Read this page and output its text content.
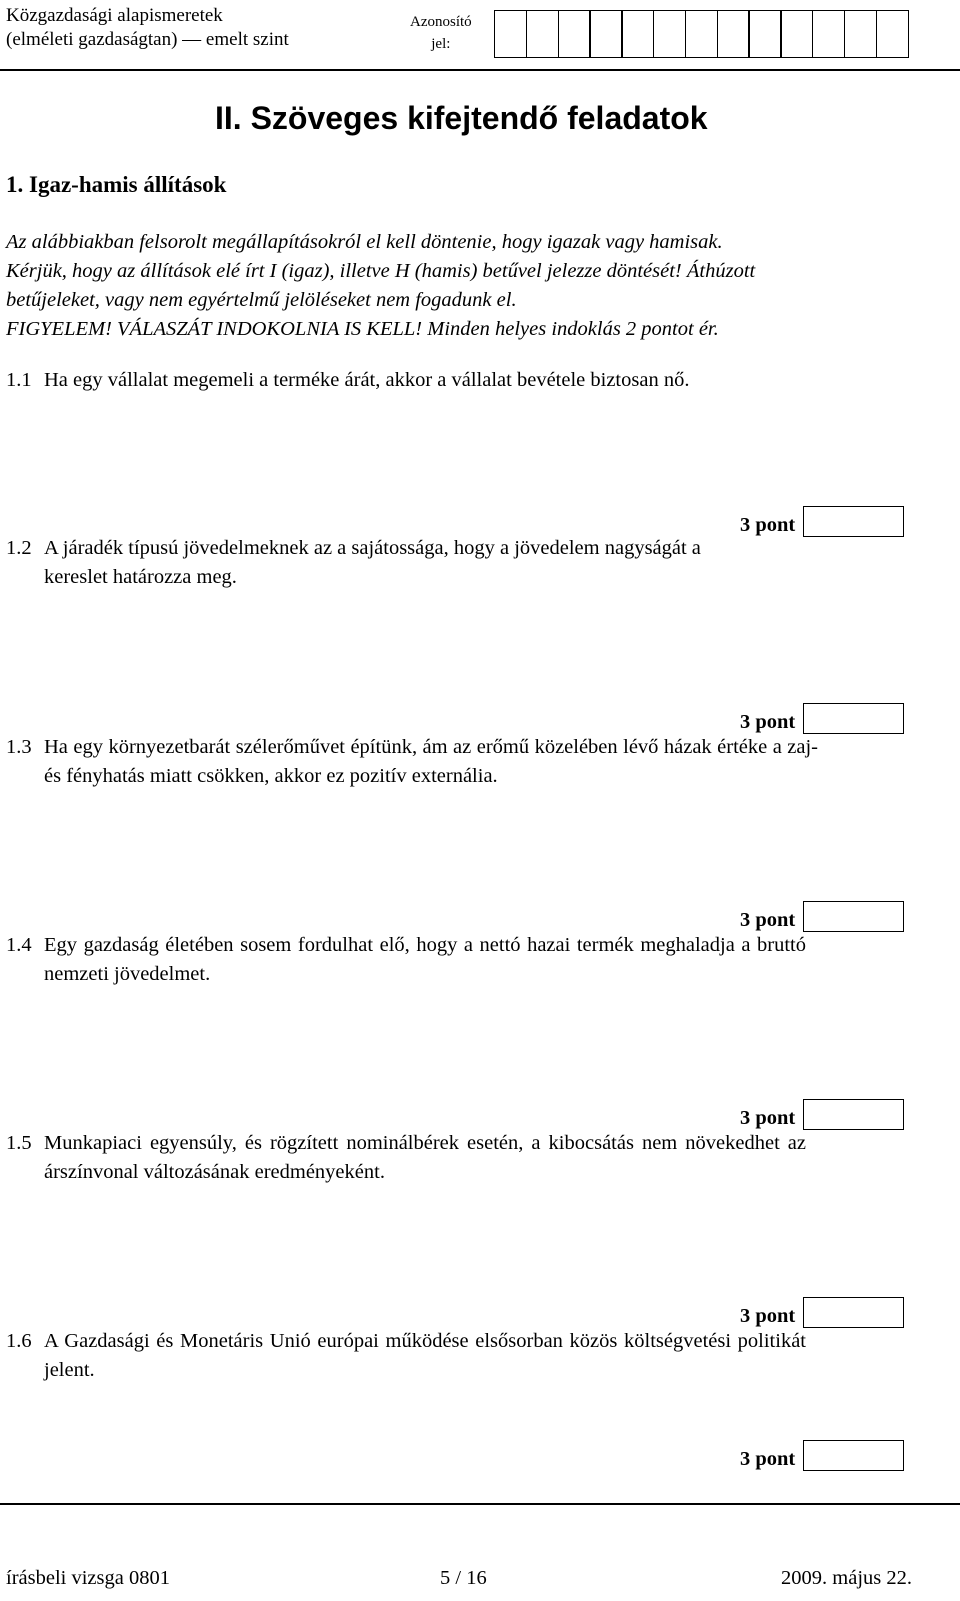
Közgazdasági alapismeretek
(elméleti gazdaságtan) — emelt szint
Azonosító
jel:
II. Szöveges kifejtendő feladatok
1. Igaz-hamis állítások

Az alábbiakban felsorolt megállapításokról el kell döntenie, hogy igazak vagy hamisak.

Kérjük, hogy az állítások elé írt I (igaz), illetve H (hamis) betűvel jelezze döntését! Áthúzott

betűjeleket, vagy nem egyértelmű jelöléseket nem fogadunk el.

FIGYELEM! VÁLASZÁT INDOKOLNIA IS KELL! Minden helyes indoklás 2 pontot ér.

1.1 Ha egy vállalat megemeli a terméke árát, akkor a vállalat bevétele biztosan nő.
3 pont
1.2 A járadék típusú jövedelmeknek az a sajátossága, hogy a jövedelem nagyságát a kereslet határozza meg.
3 pont
1.3 Ha egy környezetbarát szélerőművet építünk, ám az erőmű közelében lévő házak értéke a zaj- és fényhatás miatt csökken, akkor ez pozitív externália.
3 pont
1.4 Egy gazdaság életében sosem fordulhat elő, hogy a nettó hazai termék meghaladja a bruttó nemzeti jövedelmet.
3 pont
1.5 Munkapiaci egyensúly, és rögzített nominálbérek esetén, a kibocsátás nem növekedhet az árszínvonal változásának eredményeként.
3 pont
1.6 A Gazdasági és Monetáris Unió európai működése elsősorban közös költségvetési politikát jelent.
3 pont
írásbeli vizsga 0801	5 / 16	2009. május 22.
